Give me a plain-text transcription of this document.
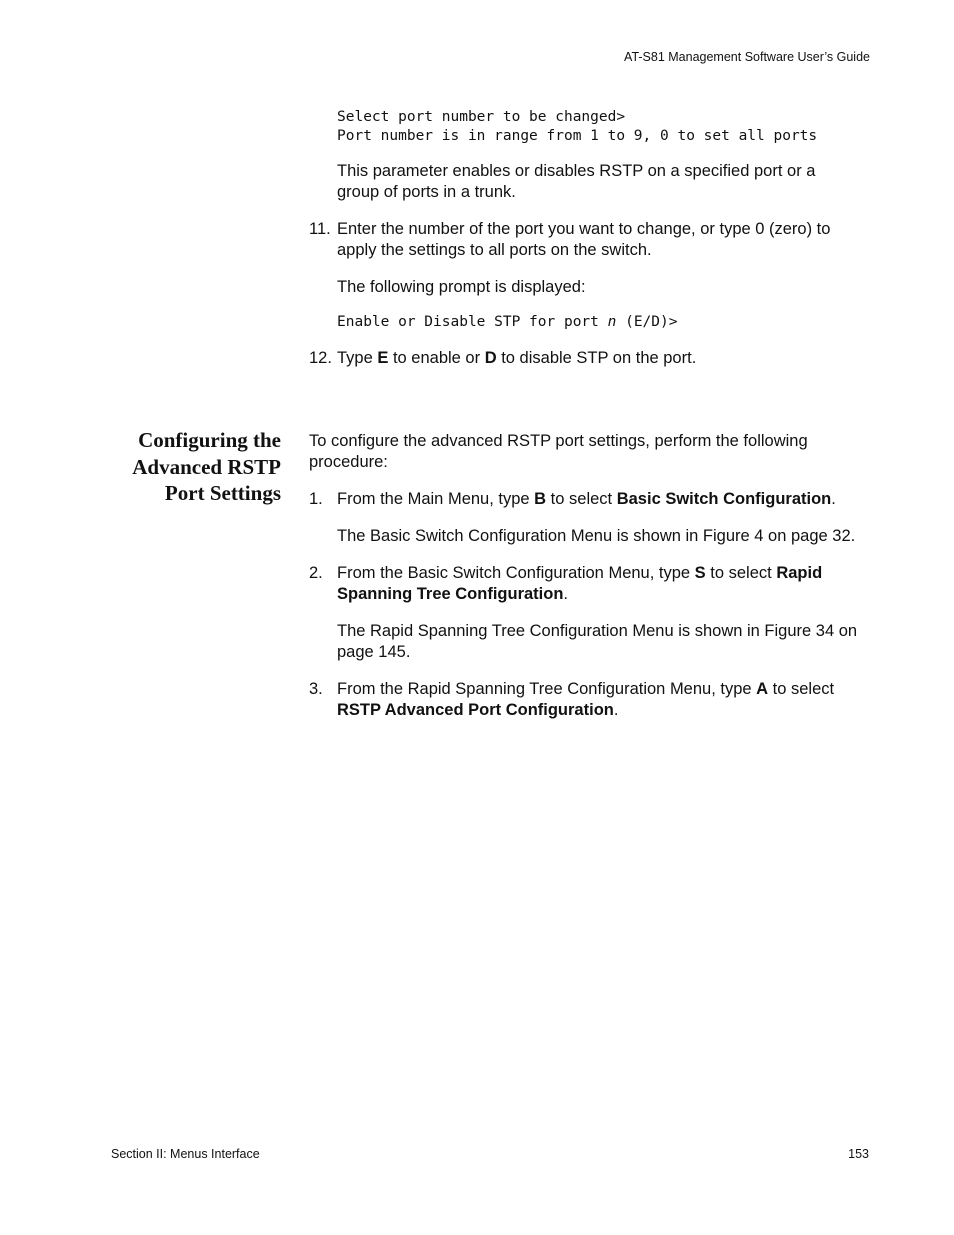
AT-S81 Management Software User’s Guide
Select port number to be changed>
Port number is in range from 1 to 9, 0 to set all ports
This parameter enables or disables RSTP on a specified port or a group of ports in a trunk.
11. Enter the number of the port you want to change, or type 0 (zero) to apply the settings to all ports on the switch.
The following prompt is displayed:
Enable or Disable STP for port n (E/D)>
12. Type E to enable or D to disable STP on the port.
Configuring the
Advanced RSTP
Port Settings
To configure the advanced RSTP port settings, perform the following procedure:
1. From the Main Menu, type B to select Basic Switch Configuration.
The Basic Switch Configuration Menu is shown in Figure 4 on page 32.
2. From the Basic Switch Configuration Menu, type S to select Rapid Spanning Tree Configuration.
The Rapid Spanning Tree Configuration Menu is shown in Figure 34 on page 145.
3. From the Rapid Spanning Tree Configuration Menu, type A to select
RSTP Advanced Port Configuration.
Section II: Menus Interface	153
